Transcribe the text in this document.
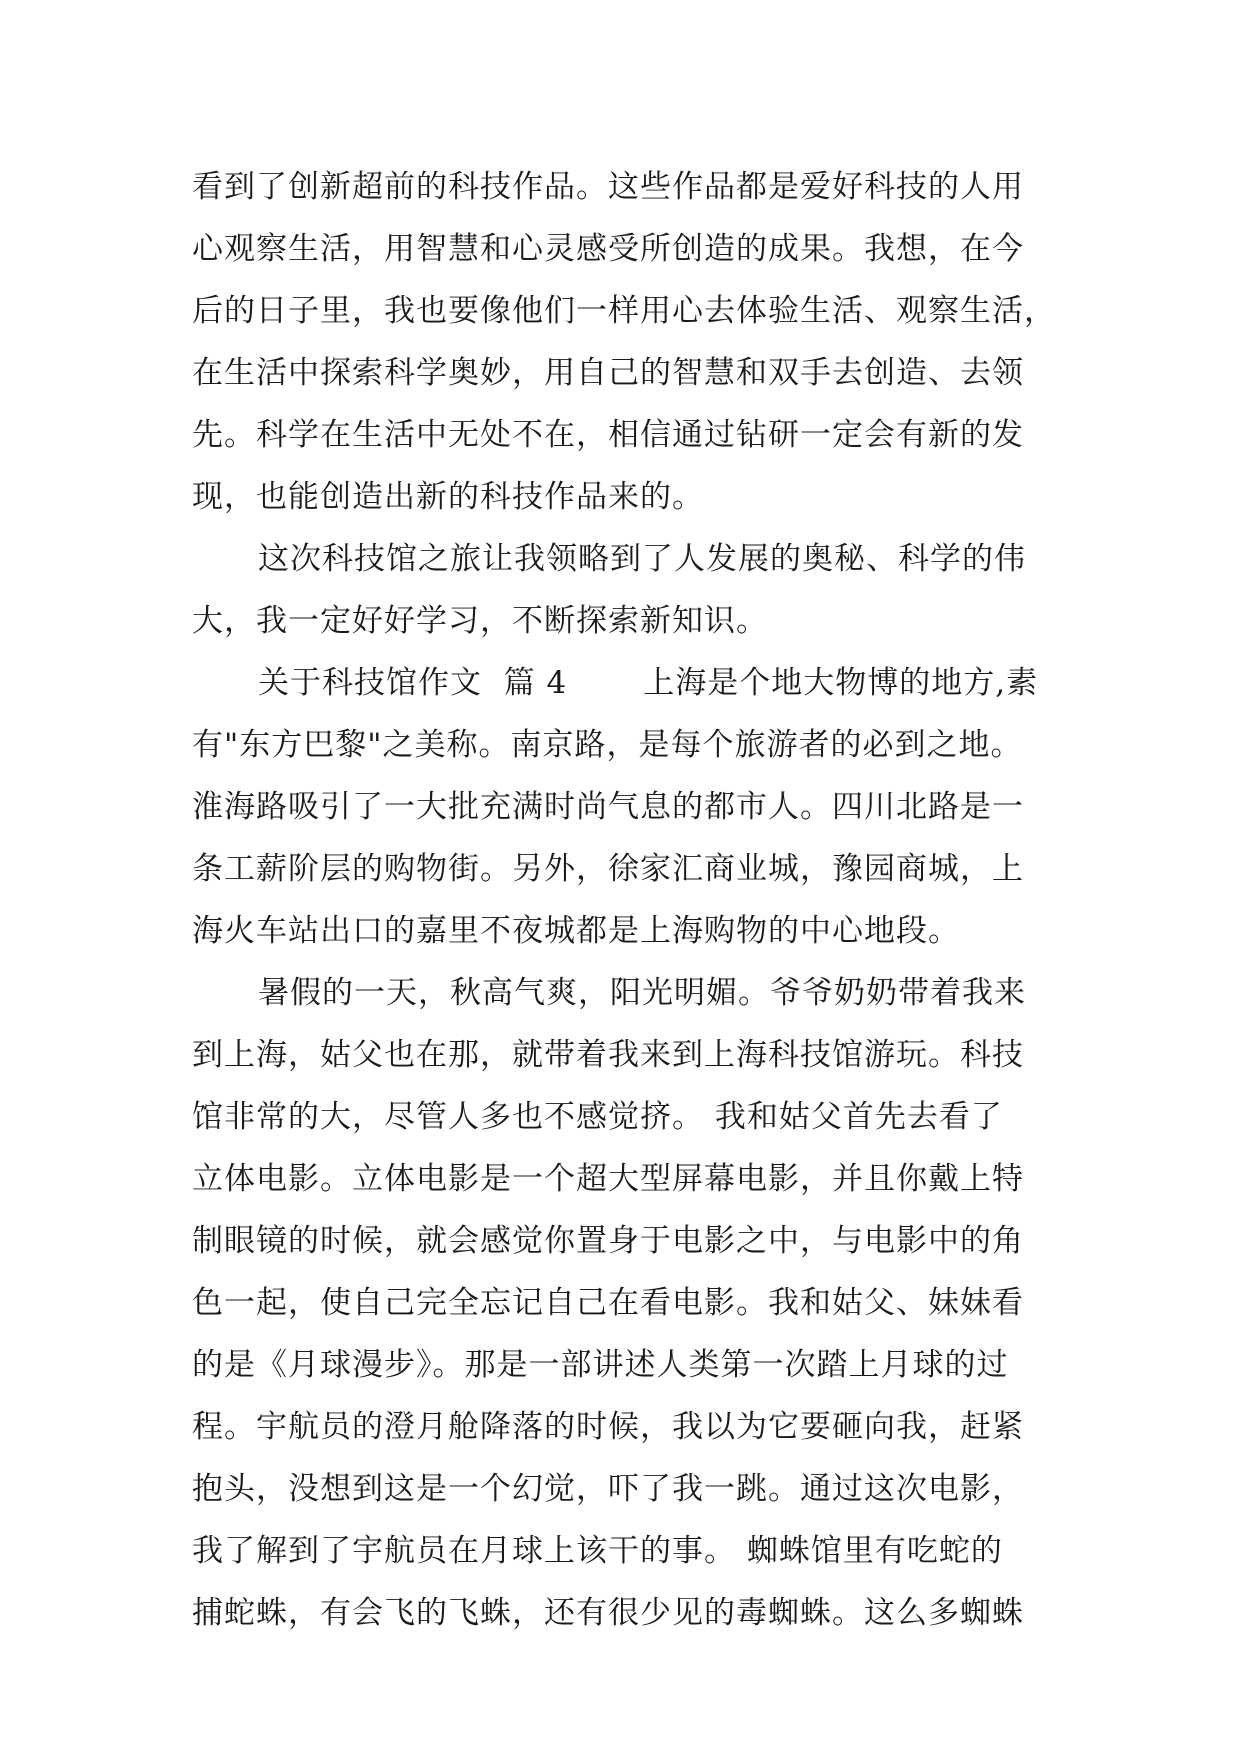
看到了创新超前的科技作品。这些作品都是爱好科技的人用
心观察生活，用智慧和心灵感受所创造的成果。我想，在今
后的日子里，我也要像他们一样用心去体验生活、观察生活，
在生活中探索科学奥妙，用自己的智慧和双手去创造、去领
先。科学在生活中无处不在，相信通过钻研一定会有新的发
现，也能创造出新的科技作品来的。
这次科技馆之旅让我领略到了人发展的奥秘、科学的伟
大，我一定好好学习，不断探索新知识。
关于科技馆作文  篇 4       上海是个地大物博的地方,素
有"东方巴黎"之美称。南京路，是每个旅游者的必到之地。
淮海路吸引了一大批充满时尚气息的都市人。四川北路是一
条工薪阶层的购物街。另外，徐家汇商业城，豫园商城，上
海火车站出口的嘉里不夜城都是上海购物的中心地段。
暑假的一天，秋高气爽，阳光明媚。爷爷奶奶带着我来
到上海，姑父也在那，就带着我来到上海科技馆游玩。科技
馆非常的大，尽管人多也不感觉挤。 我和姑父首先去看了
立体电影。立体电影是一个超大型屏幕电影，并且你戴上特
制眼镜的时候，就会感觉你置身于电影之中，与电影中的角
色一起，使自己完全忘记自己在看电影。我和姑父、妹妹看
的是《月球漫步》。那是一部讲述人类第一次踏上月球的过
程。宇航员的澄月舱降落的时候，我以为它要砸向我，赶紧
抱头，没想到这是一个幻觉，吓了我一跳。通过这次电影，
我了解到了宇航员在月球上该干的事。 蜘蛛馆里有吃蛇的
捕蛇蛛，有会飞的飞蛛，还有很少见的毒蜘蛛。这么多蜘蛛
